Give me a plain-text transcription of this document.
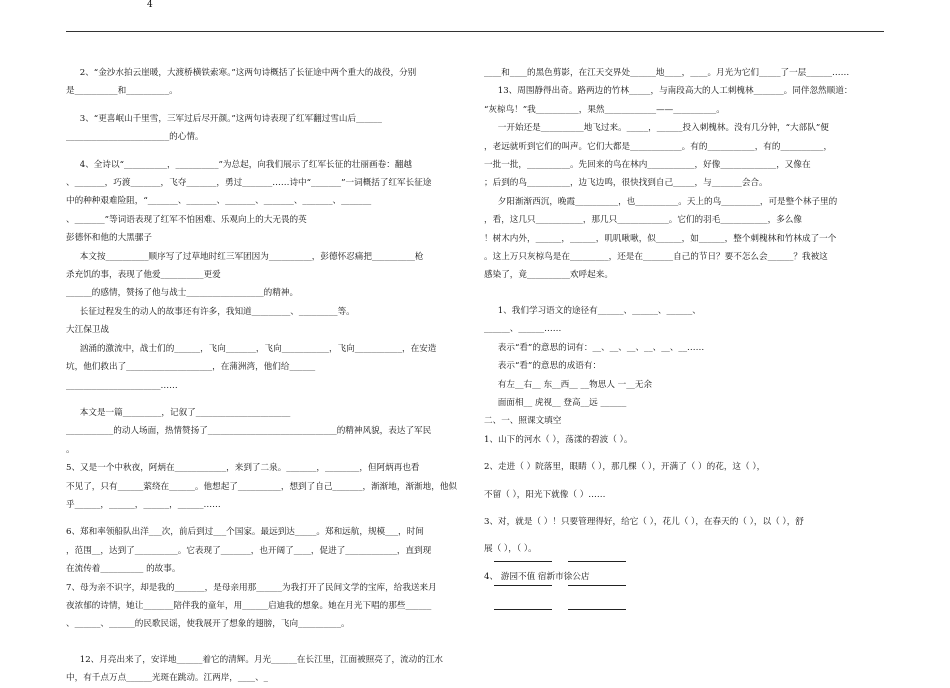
4

2、“金沙水拍云崖暖，大渡桥横铁索寒。”这两句诗概括了长征途中两个重大的战役，分别

是__________和__________。

3、“更喜岷山千里雪，三军过后尽开颜。”这两句诗表现了红军翻过雪山后______

________________________的心情。

4、全诗以“__________，__________”为总起，向我们展示了红军长征的壮丽画卷：翻越

、_______，巧渡_______，飞夺_______，勇过_______……诗中“_______”一词概括了红军长征途

中的种种艰难险阻，“_______、_______、_______、_______、_______、_______

、_______”等词语表现了红军不怕困难、乐观向上的大无畏的英

彭德怀和他的大黑骡子

本文按__________顺序写了过草地时红三军团因为__________，彭德怀忍痛把__________枪

杀充饥的事，表现了他爱__________更爱

______的感情，赞扬了他与战士__________________的精神。

长征过程发生的动人的故事还有许多，我知道_________、_________等。

大江保卫战

汹涌的激流中，战士们的______，飞向_______，飞向___________，飞向___________，在安造

坑，他们救出了____________________，在蒲洲湾，他们给______

______________________……

本文是一篇_________，记叙了______________________

___________的动人场面，热情赞扬了______________________________的精神风貌，表达了军民

。

5、又是一个中秋夜，阿炳在____________，来到了二泉。_______，________，但阿炳再也看

不见了，只有______萦绕在______。他想起了__________，想到了自己_______，渐渐地，渐渐地，他似

乎______，______，______，______……

6、郑和率领船队出洋___次，前后到过___个国家。最远到达_____。郑和远航，规模___，时间

，范围__，达到了__________。它表现了_______，也开阔了____，促进了____________，直到现

在流传着__________ 的故事。

7、母为亲不识字，却是我的_______，是母亲用那______为我打开了民间文学的宝库，给我送来月

夜浓郁的诗情，她让_______陪伴我的童年，用______启迪我的想象。她在月光下唱的那些______

、______、______的民歌民谣，使我展开了想象的翅膀，飞向__________。

12、月亮出来了，安详地______着它的清辉。月光______在长江里，江面被照亮了，流动的江水

中，有千点万点______光斑在跳动。江两岸，____、_

____和____的黑色剪影，在江天交界处______地____，____。月光为它们_____了一层______……

13、周围静得出奇。路两边的竹林_____，与南段高大的人工刺槐林_______。同伴忽然顺道：

“灰椋鸟！”我__________，果然____________——__________。

一开始还是__________地飞过来。_____，______投入刺槐林。没有几分钟，“大部队”便

，老远就听到它们的叫声。它们大都是____________。有的___________，有的__________，

一批一批，__________。先回来的鸟在林内___________，好像_____________，又像在

；后到的鸟__________，边飞边鸣，很快找到自己_____，与_______会合。

夕阳渐渐西沉，晚霞__________，也__________。天上的鸟_________，可是整个林子里的

，看，这几只___________，那几只____________。它们的羽毛___________，多么像

！树木内外，______，______，叽叽啾啾，似______，如______，整个刺槐林和竹林成了一个

。这上万只灰椋鸟是在_________，还是在_______自己的节日？要不怎么会______？我被这

感染了，竟__________欢呼起来。

1、我们学习语文的途径有______、______、______、

______、______……

表示“看”的意思的词有：__、__、__、__、__、__……

表示“看”的意思的成语有：

有左__右__ 东__西__ __物思人 一__无余

面面相__ 虎视__ 登高__远 ______

二、一、照课文填空

1、山下的河水（ ），荡漾的碧波（ ）。

2、走进（ ）院落里，眼睛（ ），那几棵（ ），开满了（ ）的花，这（ ），

不留（ ），阳光下就像（ ）……

3、对，就是（ ）！只要管理得好，给它（ ），花儿（ ），在春天的（ ），以（ ），舒

展（ ），（ ）。

4、 游园不值 宿新市徐公店
